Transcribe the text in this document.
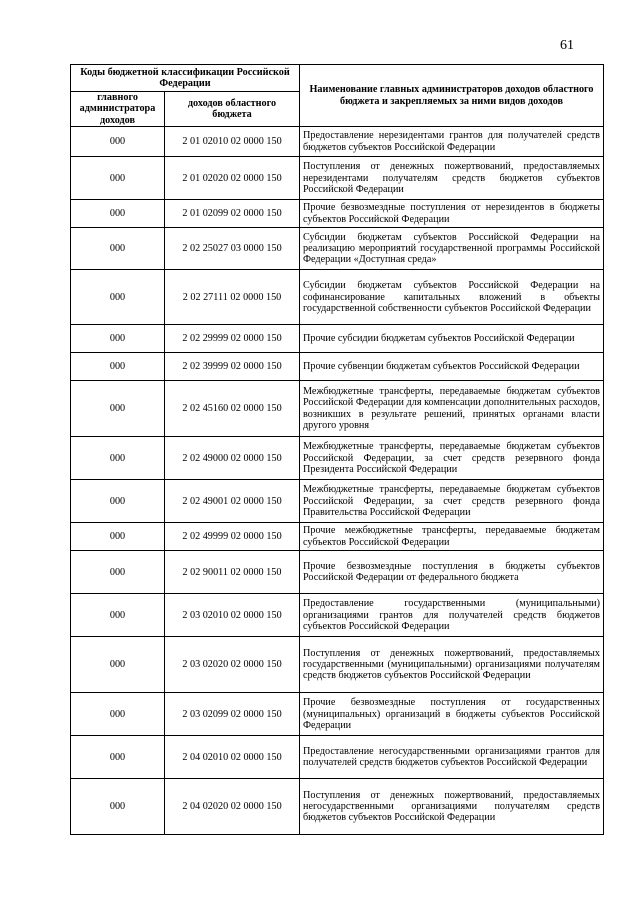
61
Коды бюджетной классификации Российской Федерации		Наименование главных администраторов доходов областного бюджета и закрепляемых за ними видов доходов
главного администратора доходов	доходов областного бюджета	
000	2 01 02010 02 0000 150	Предоставление нерезидентами грантов для получателей средств бюджетов субъектов Российской Федерации
000	2 01 02020 02 0000 150	Поступления от денежных пожертвований, предоставляемых нерезидентами получателям средств бюджетов субъектов Российской Федерации
000	2 01 02099 02 0000 150	Прочие безвозмездные поступления от нерезидентов в бюджеты субъектов Российской Федерации
000	2 02 25027 03 0000 150	Субсидии бюджетам субъектов Российской Федерации на реализацию мероприятий государственной программы Российской Федерации «Доступная среда»
000	2 02 27111 02 0000 150	Субсидии бюджетам субъектов Российской Федерации на софинансирование капитальных вложений в объекты государственной собственности субъектов Российской Федерации
000	2 02 29999 02 0000 150	Прочие субсидии бюджетам субъектов Российской Федерации
000	2 02 39999 02 0000 150	Прочие субвенции бюджетам субъектов Российской Федерации
000	2 02 45160 02 0000 150	Межбюджетные трансферты, передаваемые бюджетам субъектов Российской Федерации для компенсации дополнительных расходов, возникших в результате решений, принятых органами власти другого уровня
000	2 02 49000 02 0000 150	Межбюджетные трансферты, передаваемые бюджетам субъектов Российской Федерации, за счет средств резервного фонда Президента Российской Федерации
000	2 02 49001 02 0000 150	Межбюджетные трансферты, передаваемые бюджетам субъектов Российской Федерации, за счет средств резервного фонда Правительства Российской Федерации
000	2 02 49999 02 0000 150	Прочие межбюджетные трансферты, передаваемые бюджетам субъектов Российской Федерации
000	2 02 90011 02 0000 150	Прочие безвозмездные поступления в бюджеты субъектов Российской Федерации от федерального бюджета
000	2 03 02010 02 0000 150	Предоставление государственными (муниципальными) организациями грантов для получателей средств бюджетов субъектов Российской Федерации
000	2 03 02020 02 0000 150	Поступления от денежных пожертвований, предоставляемых государственными (муниципальными) организациями получателям средств бюджетов субъектов Российской Федерации
000	2 03 02099 02 0000 150	Прочие безвозмездные поступления от государственных (муниципальных) организаций в бюджеты субъектов Российской Федерации
000	2 04 02010 02 0000 150	Предоставление негосударственными организациями грантов для получателей средств бюджетов субъектов Российской Федерации
000	2 04 02020 02 0000 150	Поступления от денежных пожертвований, предоставляемых негосударственными организациями получателям средств бюджетов субъектов Российской Федерации
